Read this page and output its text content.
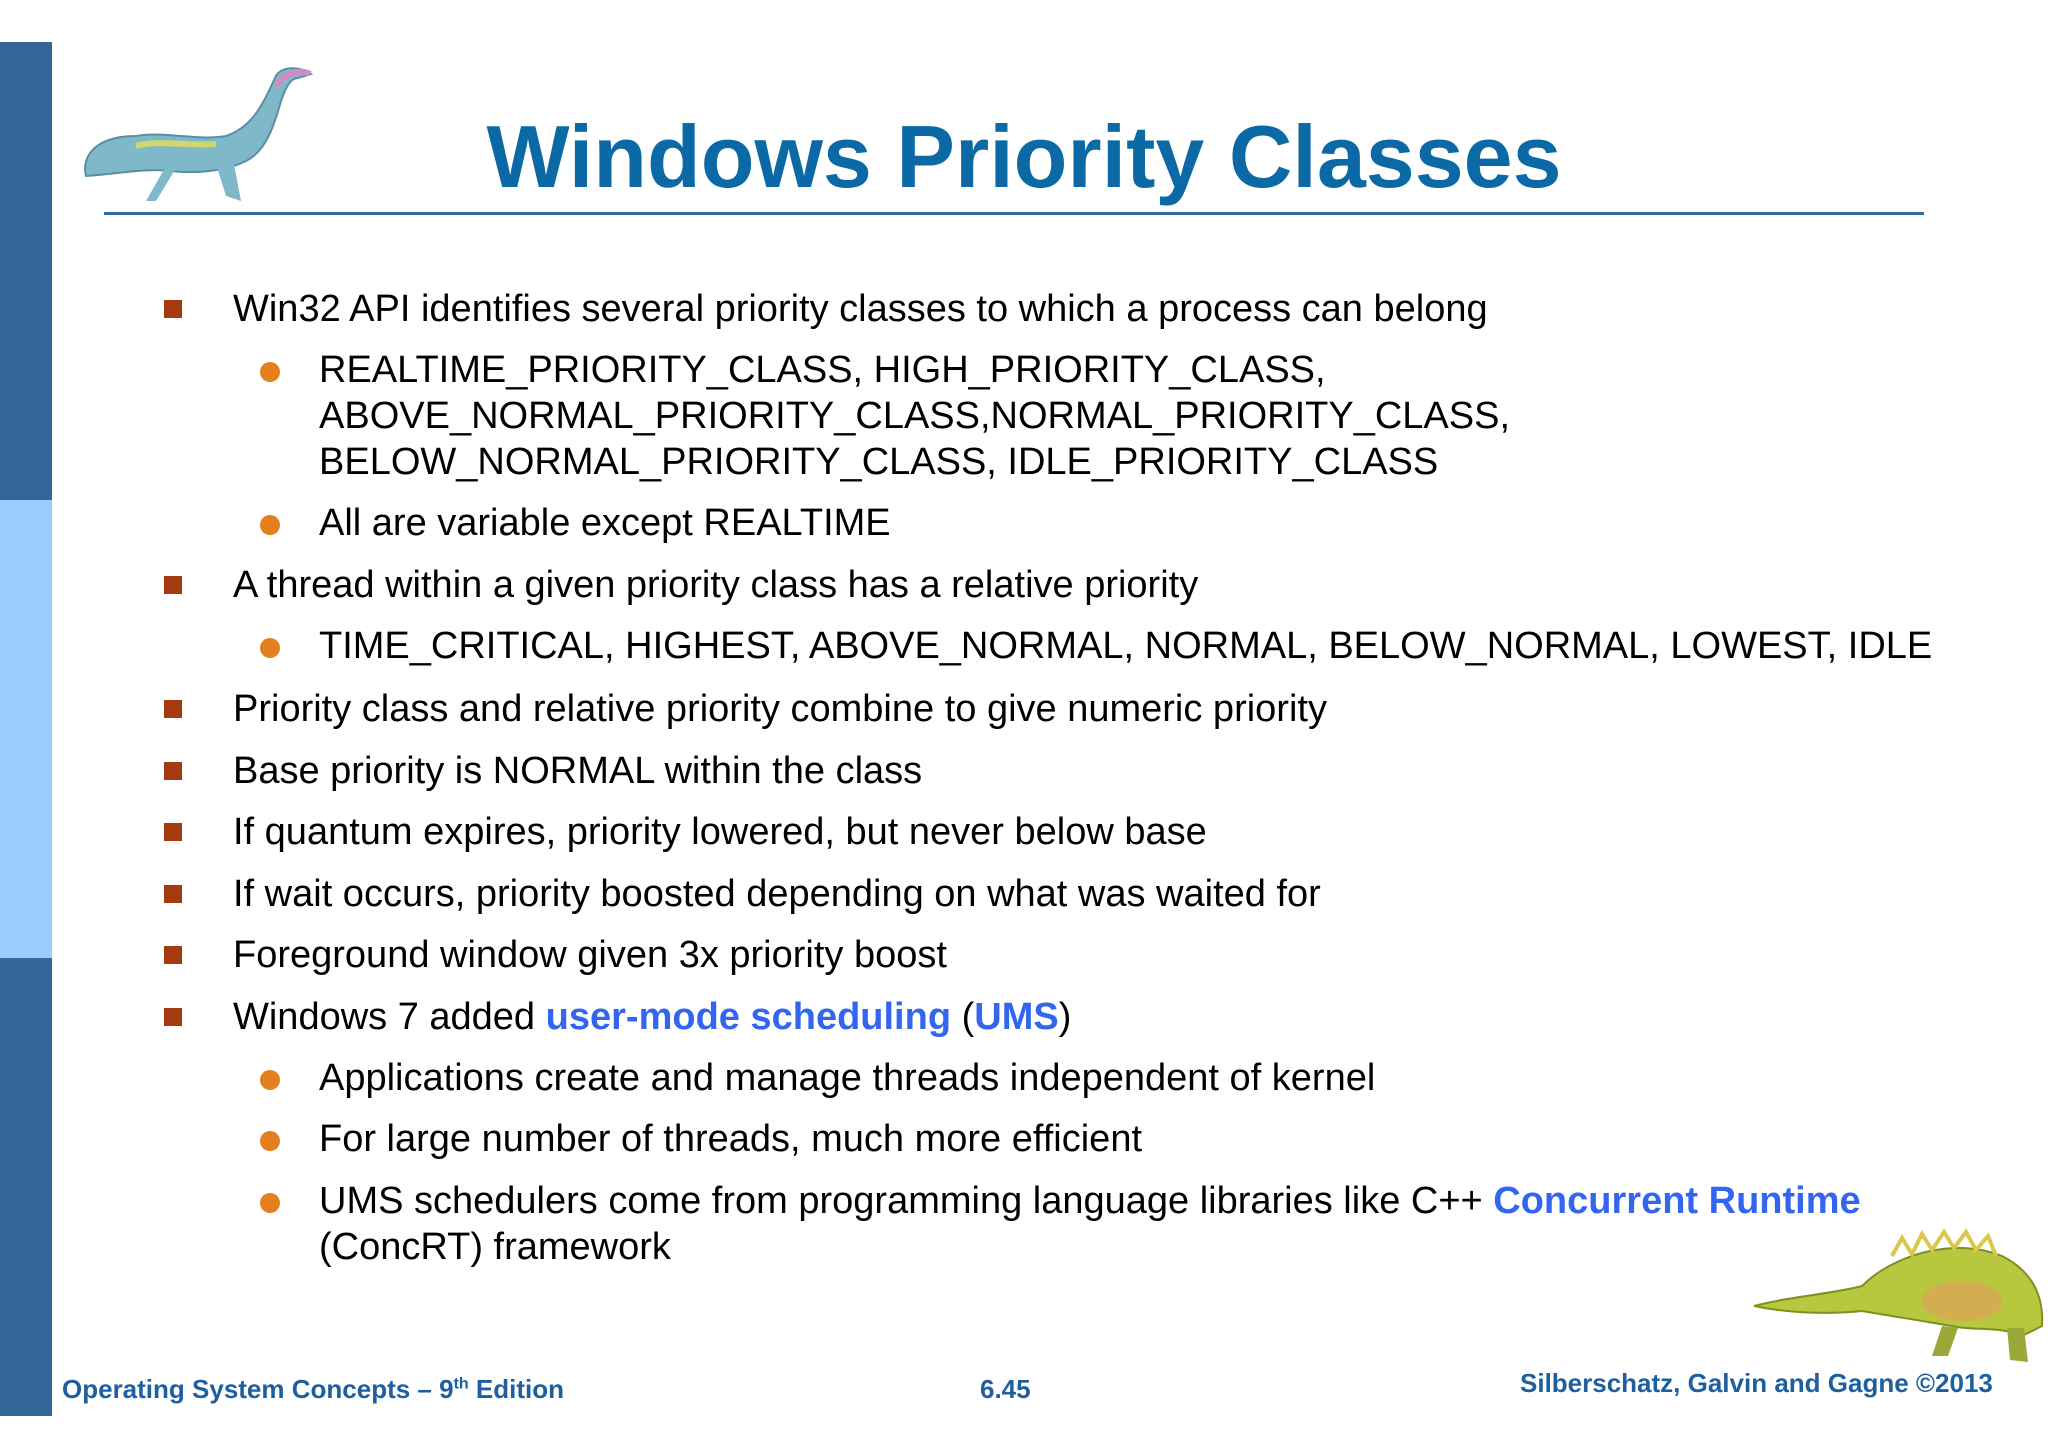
Windows Priority Classes
Win32 API identifies several priority classes to which a process can belong
REALTIME_PRIORITY_CLASS, HIGH_PRIORITY_CLASS,
ABOVE_NORMAL_PRIORITY_CLASS,NORMAL_PRIORITY_CLASS,
BELOW_NORMAL_PRIORITY_CLASS, IDLE_PRIORITY_CLASS
All are variable except REALTIME
A thread within a given priority class has a relative priority
TIME_CRITICAL, HIGHEST, ABOVE_NORMAL, NORMAL, BELOW_NORMAL, LOWEST, IDLE
Priority class and relative priority combine to give numeric priority
Base priority is NORMAL within the class
If quantum expires, priority lowered, but never below base
If wait occurs, priority boosted depending on what was waited for
Foreground window given 3x priority boost
Windows 7 added user-mode scheduling (UMS)
Applications create and manage threads independent of kernel
For large number of threads, much more efficient
UMS schedulers come from programming language libraries like C++ Concurrent Runtime
(ConcRT) framework
Operating System Concepts – 9th Edition	6.45	Silberschatz, Galvin and Gagne ©2013
